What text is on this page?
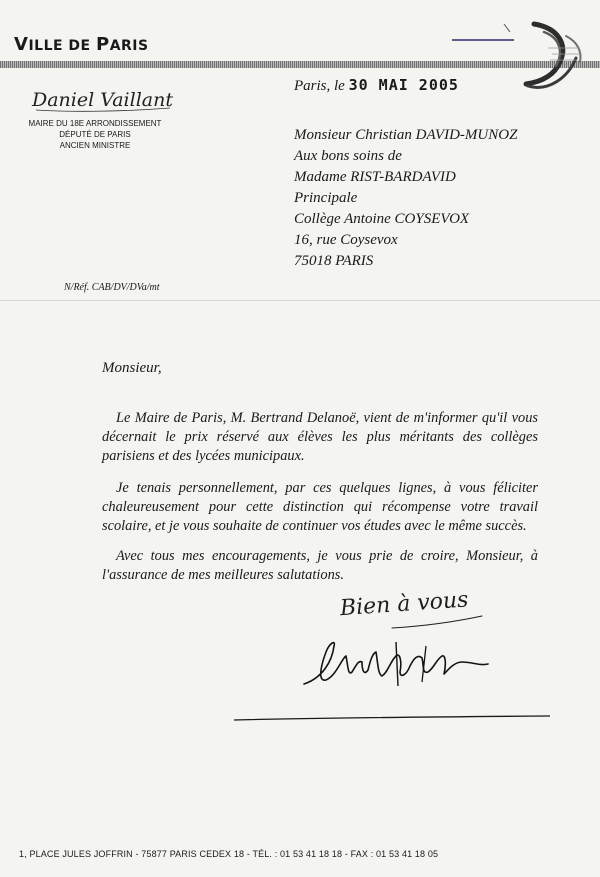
VILLE DE PARIS
Daniel Vaillant
MAIRE DU 18E ARRONDISSEMENT
DÉPUTÉ DE PARIS
ANCIEN MINISTRE
Paris, le 30 MAI 2005
Monsieur Christian DAVID-MUNOZ
Aux bons soins de
Madame RIST-BARDAVID
Principale
Collège Antoine COYSEVOX
16, rue Coysevox
75018 PARIS
N/Réf. CAB/DV/DVa/mt
Monsieur,
Le Maire de Paris, M. Bertrand Delanoë, vient de m'informer qu'il vous décernait le prix réservé aux élèves les plus méritants des collèges parisiens et des lycées municipaux.
Je tenais personnellement, par ces quelques lignes, à vous féliciter chaleureusement pour cette distinction qui récompense votre travail scolaire, et je vous souhaite de continuer vos études avec le même succès.
Avec tous mes encouragements, je vous prie de croire, Monsieur, à l'assurance de mes meilleures salutations.
Bien à vous
1, PLACE JULES JOFFRIN - 75877 PARIS CEDEX 18 - TÉL. : 01 53 41 18 18 - FAX : 01 53 41 18 05
